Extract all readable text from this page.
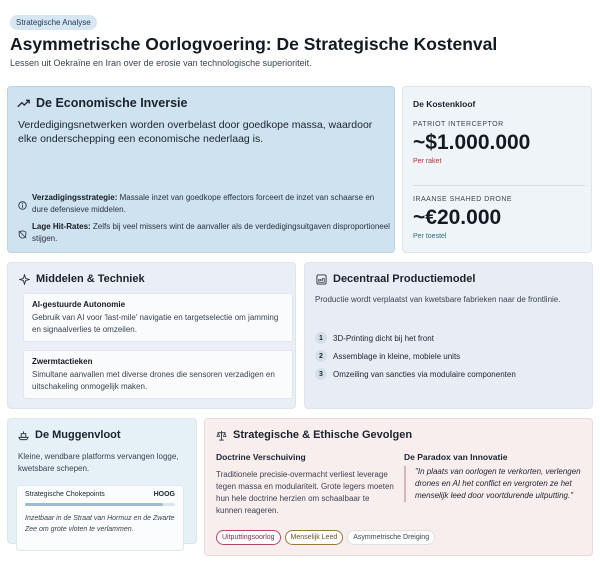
Strategische Analyse
Asymmetrische Oorlogvoering: De Strategische Kostenval
Lessen uit Oekraïne en Iran over de erosie van technologische superioriteit.
De Economische Inversie
Verdedigingsnetwerken worden overbelast door goedkope massa, waardoor elke onderschepping een economische nederlaag is.
Verzadigingsstrategie: Massale inzet van goedkope effectors forceert de inzet van schaarse en dure defensieve middelen.
Lage Hit-Rates: Zelfs bij veel missers wint de aanvaller als de verdedigingsuitgaven disproportioneel stijgen.
De Kostenkloof
PATRIOT INTERCEPTOR
~$1.000.000
Per raket
IRAANSE SHAHED DRONE
~€20.000
Per toestel
Middelen & Techniek
AI-gestuurde Autonomie
Gebruik van AI voor 'last-mile' navigatie en targetselectie om jamming en signaalverlies te omzeilen.
Zwermtactieken
Simultane aanvallen met diverse drones die sensoren verzadigen en uitschakeling onmogelijk maken.
Decentraal Productiemodel
Productie wordt verplaatst van kwetsbare fabrieken naar de frontlinie.
1	3D-Printing dicht bij het front
2	Assemblage in kleine, mobiele units
3	Omzeiling van sancties via modulaire componenten
De Muggenvloot
Kleine, wendbare platforms vervangen logge, kwetsbare schepen.
Strategische Chokepoints	HOOG
Inzetbaar in de Straat van Hormuz en de Zwarte Zee om grote vloten te verlammen.
Strategische & Ethische Gevolgen
Doctrine Verschuiving	De Paradox van Innovatie
Traditionele precisie-overmacht verliest leverage tegen massa en modulariteit. Grote legers moeten hun hele doctrine herzien om schaalbaar te kunnen reageren.
"In plaats van oorlogen te verkorten, verlengen drones en AI het conflict en vergroten ze het menselijk leed door voortdurende uitputting."
Uitputtingsoorlog	Menselijk Leed	Asymmetrische Dreiging
